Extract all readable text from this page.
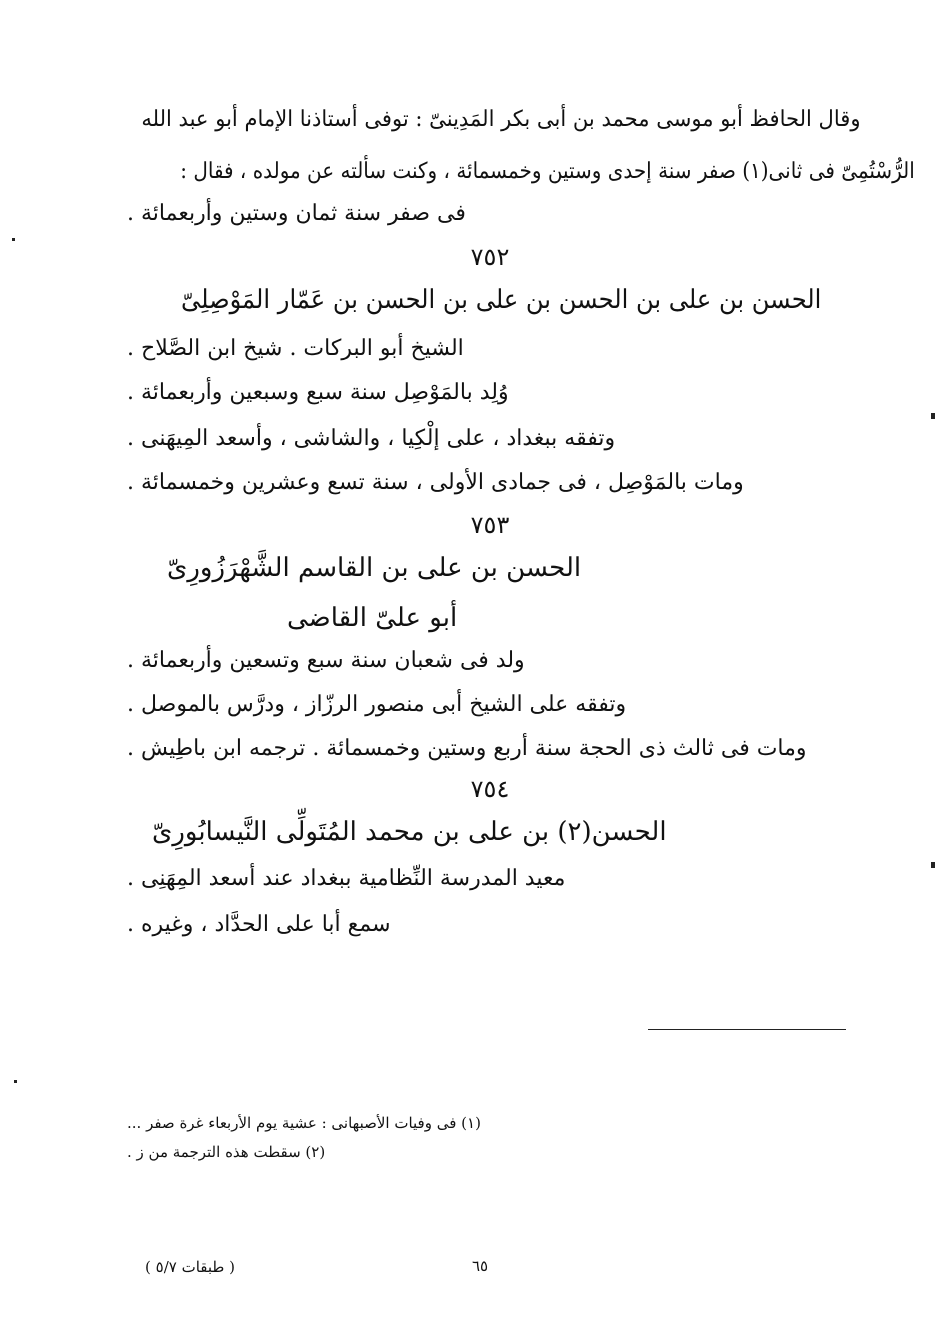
وقال الحافظ أبو موسى محمد بن أبى بكر المَدِينىّ : توفى أستاذنا الإمام أبو عبد الله
الرُّسْتُمِىّ فى ثانى(١) صفر سنة إحدى وستين وخمسمائة ، وكنت سألته عن مولده ، فقال :
فى صفر سنة ثمان وستين وأربعمائة .
٧٥٢
الحسن بن على بن الحسن بن على بن الحسن بن عَمّار المَوْصِلِىّ
الشيخ أبو البركات . شيخ ابن الصَّلاح .
وُلِد بالمَوْصِل سنة سبع وسبعين وأربعمائة .
وتفقه ببغداد ، على إلْكِيا ، والشاشى ، وأسعد المِيهَنى .
ومات بالمَوْصِل ، فى جمادى الأولى ، سنة تسع وعشرين وخمسمائة .
٧٥٣
الحسن بن على بن القاسم الشَّهْرَزُورِىّ
أبو علىّ القاضى
ولد فى شعبان سنة سبع وتسعين وأربعمائة .
وتفقه على الشيخ أبى منصور الرزّاز ، ودرَّس بالموصل .
ومات فى ثالث ذى الحجة سنة أربع وستين وخمسمائة . ترجمه ابن باطِيش .
٧٥٤
الحسن(٢) بن على بن محمد المُتَولِّى النَّيسابُورِىّ
معيد المدرسة النِّظامية ببغداد عند أسعد المِهَنِى .
سمع أبا على الحدَّاد ، وغيره .
(١) فى وفيات الأصبهانى : عشية يوم الأربعاء غرة صفر ...
(٢) سقطت هذه الترجمة من ز .
٦٥
( طبقات ٥/٧ )
